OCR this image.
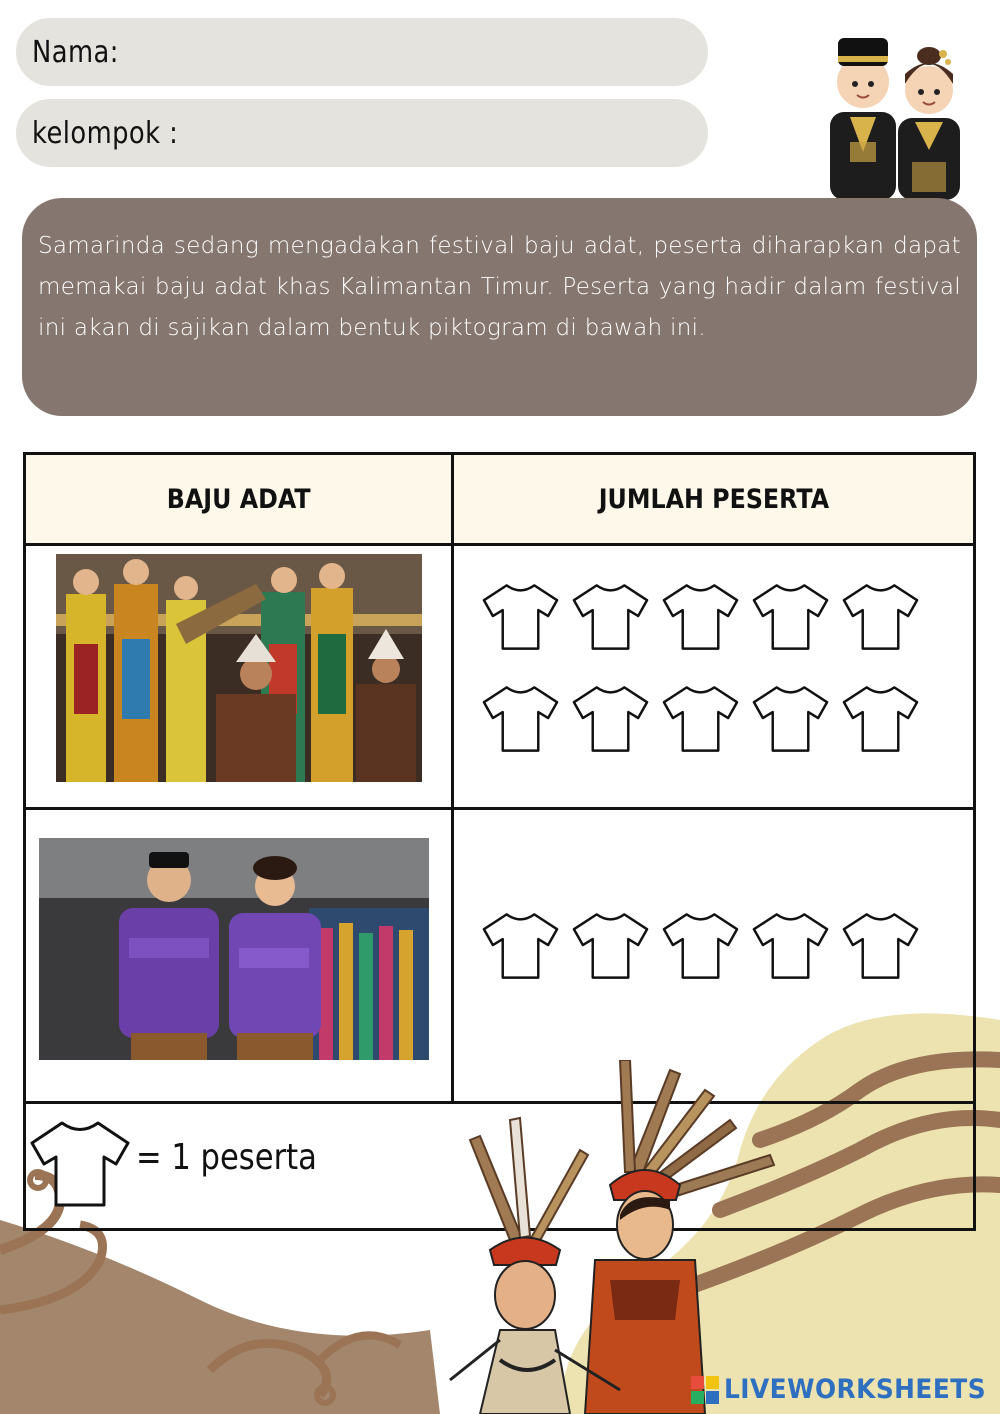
Nama:
kelompok :

Samarinda sedang mengadakan festival baju adat, peserta diharapkan dapat memakai baju adat khas Kalimantan Timur. Peserta yang hadir dalam festival ini akan di sajikan dalam bentuk piktogram di bawah ini.

BAJU ADAT	JUMLAH PESERTA
= 1 peserta
LIVEWORKSHEETS
